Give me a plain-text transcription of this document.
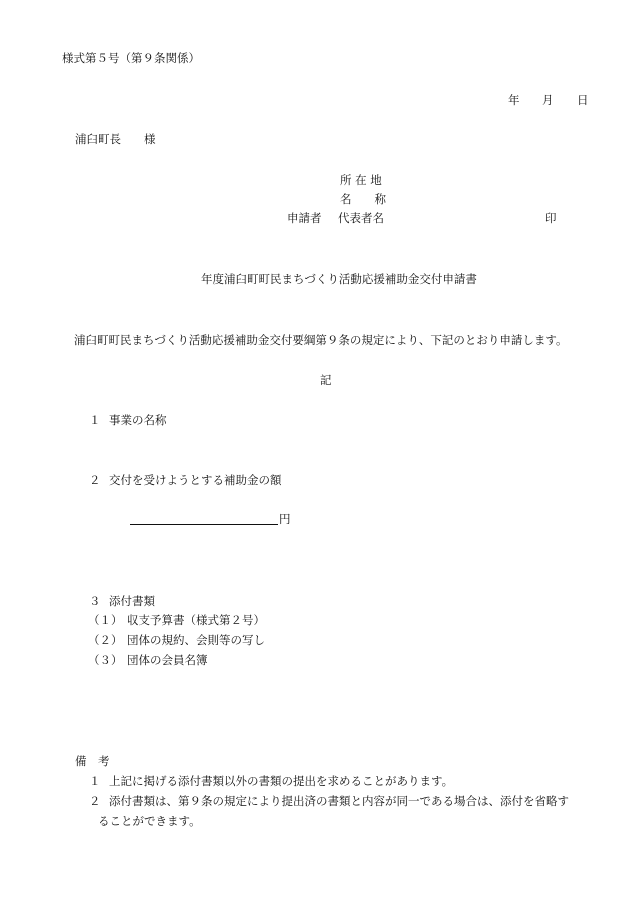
様式第５号（第９条関係）
年 月 日
浦臼町長 様
所 在 地
名　　称
申請者 代表者名	印
年度浦臼町町民まちづくり活動応援補助金交付申請書
浦臼町町民まちづくり活動応援補助金交付要綱第９条の規定により、下記のとおり申請します。
記
１ 事業の名称
２ 交付を受けようとする補助金の額
円
３ 添付書類
（１） 収支予算書（様式第２号）
（２） 団体の規約、会則等の写し
（３） 団体の会員名簿
備　考
１ 上記に掲げる添付書類以外の書類の提出を求めることがあります。
２ 添付書類は、第９条の規定により提出済の書類と内容が同一である場合は、添付を省略す
ることができます。
